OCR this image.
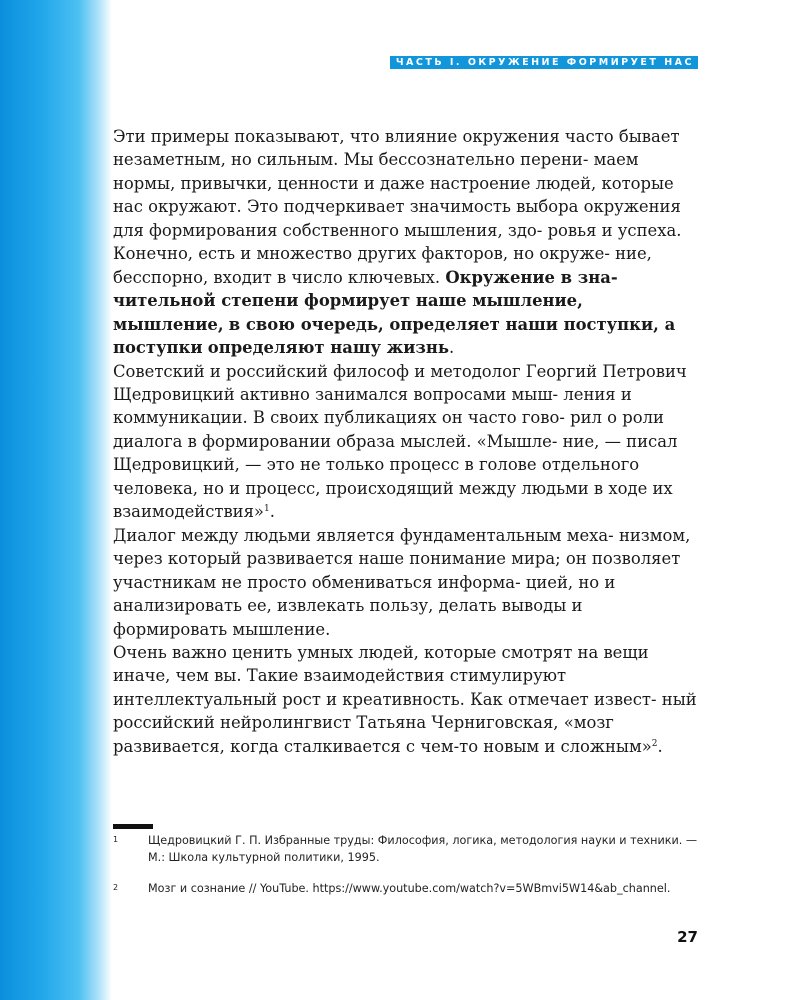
ЧАСТЬ I. ОКРУЖЕНИЕ ФОРМИРУЕТ НАС
Эти примеры показывают, что влияние окружения часто бывает незаметным, но сильным. Мы бессознательно перени- маем нормы, привычки, ценности и даже настроение людей, которые нас окружают. Это подчеркивает значимость выбора окружения для формирования собственного мышления, здо- ровья и успеха.
Конечно, есть и множество других факторов, но окруже- ние, бесспорно, входит в число ключевых. Окружение в зна- чительной степени формирует наше мышление, мышление, в свою очередь, определяет наши поступки, а поступки определяют нашу жизнь.
Советский и российский философ и методолог Георгий Петрович Щедровицкий активно занимался вопросами мыш- ления и коммуникации. В своих публикациях он часто гово- рил о роли диалога в формировании образа мыслей. «Мышле- ние, — писал Щедровицкий, — это не только процесс в голове отдельного человека, но и процесс, происходящий между людьми в ходе их взаимодействия»$^1$.
Диалог между людьми является фундаментальным меха- низмом, через который развивается наше понимание мира; он позволяет участникам не просто обмениваться информа- цией, но и анализировать ее, извлекать пользу, делать выводы и формировать мышление.
Очень важно ценить умных людей, которые смотрят на вещи иначе, чем вы. Такие взаимодействия стимулируют интеллектуальный рост и креативность. Как отмечает извест- ный российский нейролингвист Татьяна Черниговская, «мозг развивается, когда сталкивается с чем-то новым и сложным»$^2$.
1	Щедровицкий Г. П. Избранные труды: Философия, логика, методология науки и техники. — М.: Школа культурной политики, 1995.
2	Мозг и сознание // YouTube. https://www.youtube.com/watch?v=5WBmvi5W14&ab_channel.
27
